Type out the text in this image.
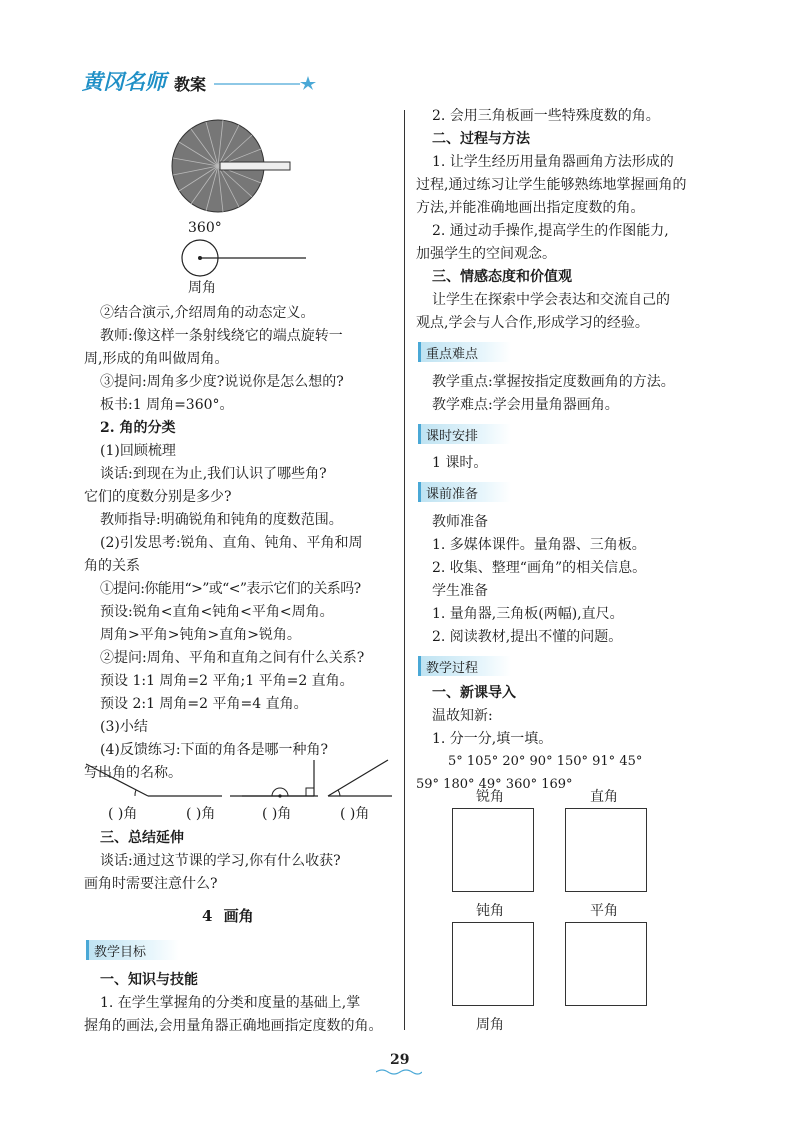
黄冈名师 教案
360°
周角
②结合演示,介绍周角的动态定义。
教师:像这样一条射线绕它的端点旋转一
周,形成的角叫做周角。
③提问:周角多少度?说说你是怎么想的?
板书:1 周角=360°。
2. 角的分类
(1)回顾梳理
谈话:到现在为止,我们认识了哪些角?
它们的度数分别是多少?
教师指导:明确锐角和钝角的度数范围。
(2)引发思考:锐角、直角、钝角、平角和周
角的关系
①提问:你能用“>”或“<”表示它们的关系吗?
预设:锐角<直角<钝角<平角<周角。
周角>平角>钝角>直角>锐角。
②提问:周角、平角和直角之间有什么关系?
预设 1:1 周角=2 平角;1 平角=2 直角。
预设 2:1 周角=2 平角=4 直角。
(3)小结
(4)反馈练习:下面的角各是哪一种角?
写出角的名称。
( )角	( )角	( )角	( )角
三、总结延伸
谈话:通过这节课的学习,你有什么收获?
画角时需要注意什么?
4 画角
教学目标
一、知识与技能
1. 在学生掌握角的分类和度量的基础上,掌
握角的画法,会用量角器正确地画指定度数的角。
2. 会用三角板画一些特殊度数的角。
二、过程与方法
1. 让学生经历用量角器画角方法形成的
过程,通过练习让学生能够熟练地掌握画角的
方法,并能准确地画出指定度数的角。
2. 通过动手操作,提高学生的作图能力,
加强学生的空间观念。
三、情感态度和价值观
让学生在探索中学会表达和交流自己的
观点,学会与人合作,形成学习的经验。
重点难点
教学重点:掌握按指定度数画角的方法。
教学难点:学会用量角器画角。
课时安排
1 课时。
课前准备
教师准备
1. 多媒体课件。量角器、三角板。
2. 收集、整理“画角”的相关信息。
学生准备
1. 量角器,三角板(两幅),直尺。
2. 阅读教材,提出不懂的问题。
教学过程
一、新课导入
温故知新:
1. 分一分,填一填。
5° 105° 20° 90° 150° 91° 45°
59° 180° 49° 360° 169°
锐角	直角
钝角	平角
周角
29
